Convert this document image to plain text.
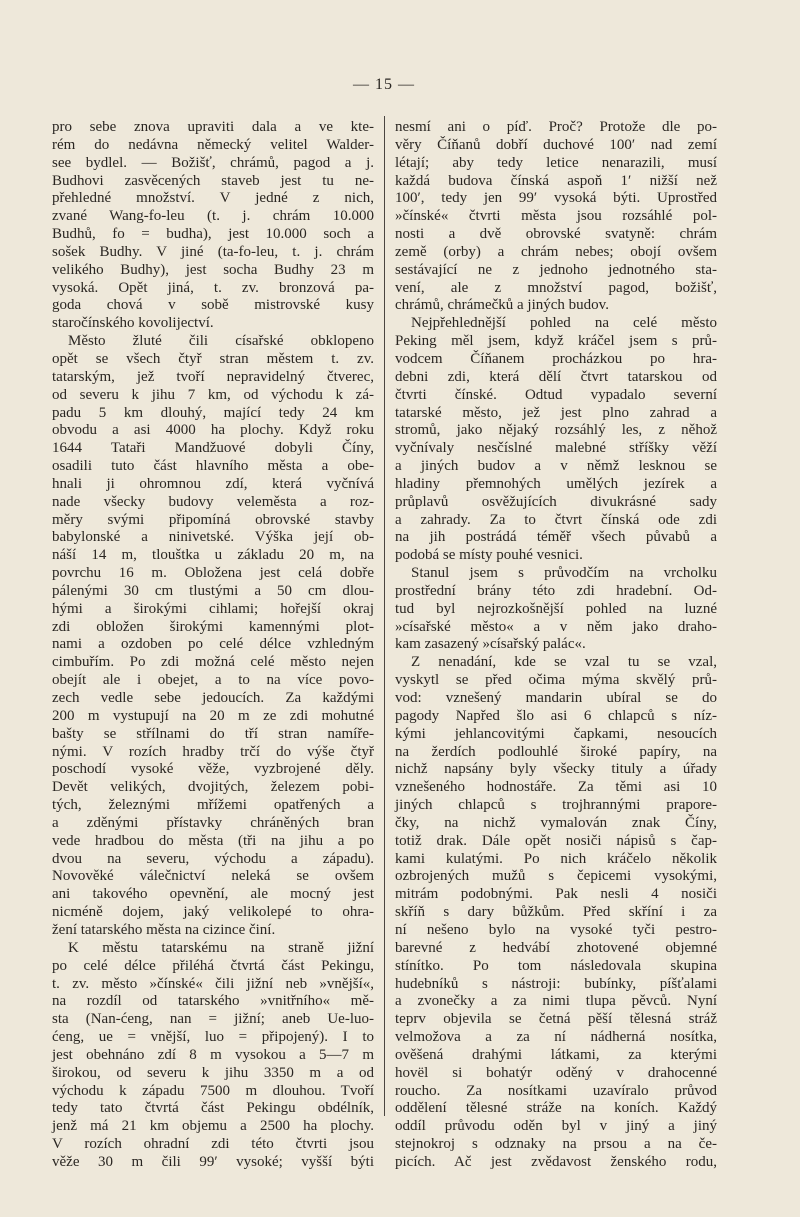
— 15 —
pro sebe znova upraviti dala a ve kte-
rém do nedávna německý velitel Walder-
see bydlel. — Božišť, chrámů, pagod a j.
Budhovi zasvěcených staveb jest tu ne-
přehledné množství. V jedné z nich,
zvané Wang-fo-leu (t. j. chrám 10.000
Budhů, fo = budha), jest 10.000 soch a
sošek Budhy. V jiné (ta-fo-leu, t. j. chrám
velikého Budhy), jest socha Budhy 23 m
vysoká. Opět jiná, t. zv. bronzová pa-
goda chová v sobě mistrovské kusy
staročínského kovolijectví.
Město žluté čili císařské obklopeno
opět se všech čtyř stran městem t. zv.
tatarským, jež tvoří nepravidelný čtverec,
od severu k jihu 7 km, od východu k zá-
padu 5 km dlouhý, mající tedy 24 km
obvodu a asi 4000 ha plochy. Když roku
1644 Tataři Mandžuové dobyli Číny,
osadili tuto část hlavního města a obe-
hnali ji ohromnou zdí, která vyčnívá
nade všecky budovy veleměsta a roz-
měry svými připomíná obrovské stavby
babylonské a ninivetské. Výška její ob-
náší 14 m, tlouštka u základu 20 m, na
povrchu 16 m. Obložena jest celá dobře
pálenými 30 cm tlustými a 50 cm dlou-
hými a širokými cihlami; hořejší okraj
zdi obložen širokými kamennými plot-
nami a ozdoben po celé délce vzhledným
cimbuřím. Po zdi možná celé město nejen
obejít ale i obejet, a to na více povo-
zech vedle sebe jedoucích. Za každými
200 m vystupují na 20 m ze zdi mohutné
bašty se střílnami do tří stran namíře-
nými. V rozích hradby trčí do výše čtyř
poschodí vysoké věže, vyzbrojené děly.
Devět velikých, dvojitých, železem pobi-
tých, železnými mřížemi opatřených a
a zděnými přístavky chráněných bran
vede hradbou do města (tři na jihu a po
dvou na severu, východu a západu).
Novověké válečnictví neleká se ovšem
ani takového opevnění, ale mocný jest
nicméně dojem, jaký velikolepé to ohra-
žení tatarského města na cizince činí.
K městu tatarskému na straně jižní
po celé délce přiléhá čtvrtá část Pekingu,
t. zv. město »čínské« čili jižní neb »vnější«,
na rozdíl od tatarského »vnitřního« mě-
sta (Nan-ćeng, nan = jižní; aneb Ue-luo-
ćeng, ue = vnější, luo = připojený). I to
jest obehnáno zdí 8 m vysokou a 5—7 m
širokou, od severu k jihu 3350 m a od
východu k západu 7500 m dlouhou. Tvoří
tedy tato čtvrtá část Pekingu obdélník,
jenž má 21 km objemu a 2500 ha plochy.
V rozích ohradní zdi této čtvrti jsou
věže 30 m čili 99′ vysoké; vyšší býti
nesmí ani o píď. Proč? Protože dle po-
věry Číňanů dobří duchové 100′ nad zemí
létají; aby tedy letice nenarazili, musí
každá budova čínská aspoň 1′ nižší než
100′, tedy jen 99′ vysoká býti. Uprostřed
»čínské« čtvrti města jsou rozsáhlé pol-
nosti a dvě obrovské svatyně: chrám
země (orby) a chrám nebes; obojí ovšem
sestávající ne z jednoho jednotného sta-
vení, ale z množství pagod, božišť,
chrámů, chrámečků a jiných budov.
Nejpřehlednější pohled na celé město
Peking měl jsem, když kráčel jsem s prů-
vodcem Číňanem procházkou po hra-
debni zdi, která dělí čtvrt tatarskou od
čtvrti čínské. Odtud vypadalo severní
tatarské město, jež jest plno zahrad a
stromů, jako nějaký rozsáhlý les, z něhož
vyčnívaly nesčíslné malebné stříšky věží
a jiných budov a v němž lesknou se
hladiny přemnohých umělých jezírek a
průplavů osvěžujících divukrásné sady
a zahrady. Za to čtvrt čínská ode zdi
na jih postrádá téměř všech půvabů a
podobá se místy pouhé vesnici.
Stanul jsem s průvodčím na vrcholku
prostřední brány této zdi hradební. Od-
tud byl nejrozkošnější pohled na luzné
»císařské město« a v něm jako draho-
kam zasazený »císařský palác«.
Z nenadání, kde se vzal tu se vzal,
vyskytl se před očima mýma skvělý prů-
vod: vznešený mandarin ubíral se do
pagody Napřed šlo asi 6 chlapců s níz-
kými jehlancovitými čapkami, nesoucích
na žerdích podlouhlé široké papíry, na
nichž napsány byly všecky tituly a úřady
vznešeného hodnostáře. Za těmi asi 10
jiných chlapců s trojhrannými prapore-
čky, na nichž vymalován znak Číny,
totiž drak. Dále opět nosiči nápisů s čap-
kami kulatými. Po nich kráčelo několik
ozbrojených mužů s čepicemi vysokými,
mitrám podobnými. Pak nesli 4 nosiči
skříň s dary bůžkům. Před skříní i za
ní nešeno bylo na vysoké tyči pestro-
barevné z hedvábí zhotovené objemné
stínítko. Po tom následovala skupina
hudebníků s nástroji: bubínky, píšťalami
a zvonečky a za nimi tlupa pěvců. Nyní
teprv objevila se četná pěší tělesná stráž
velmožova a za ní nádherná nosítka,
ověšená drahými látkami, za kterými
hovël si bohatýr oděný v drahocenné
roucho. Za nosítkami uzavíralo průvod
oddělení tělesné stráže na koních. Každý
oddíl průvodu oděn byl v jiný a jiný
stejnokroj s odznaky na prsou a na če-
picích. Ač jest zvědavost ženského rodu,
